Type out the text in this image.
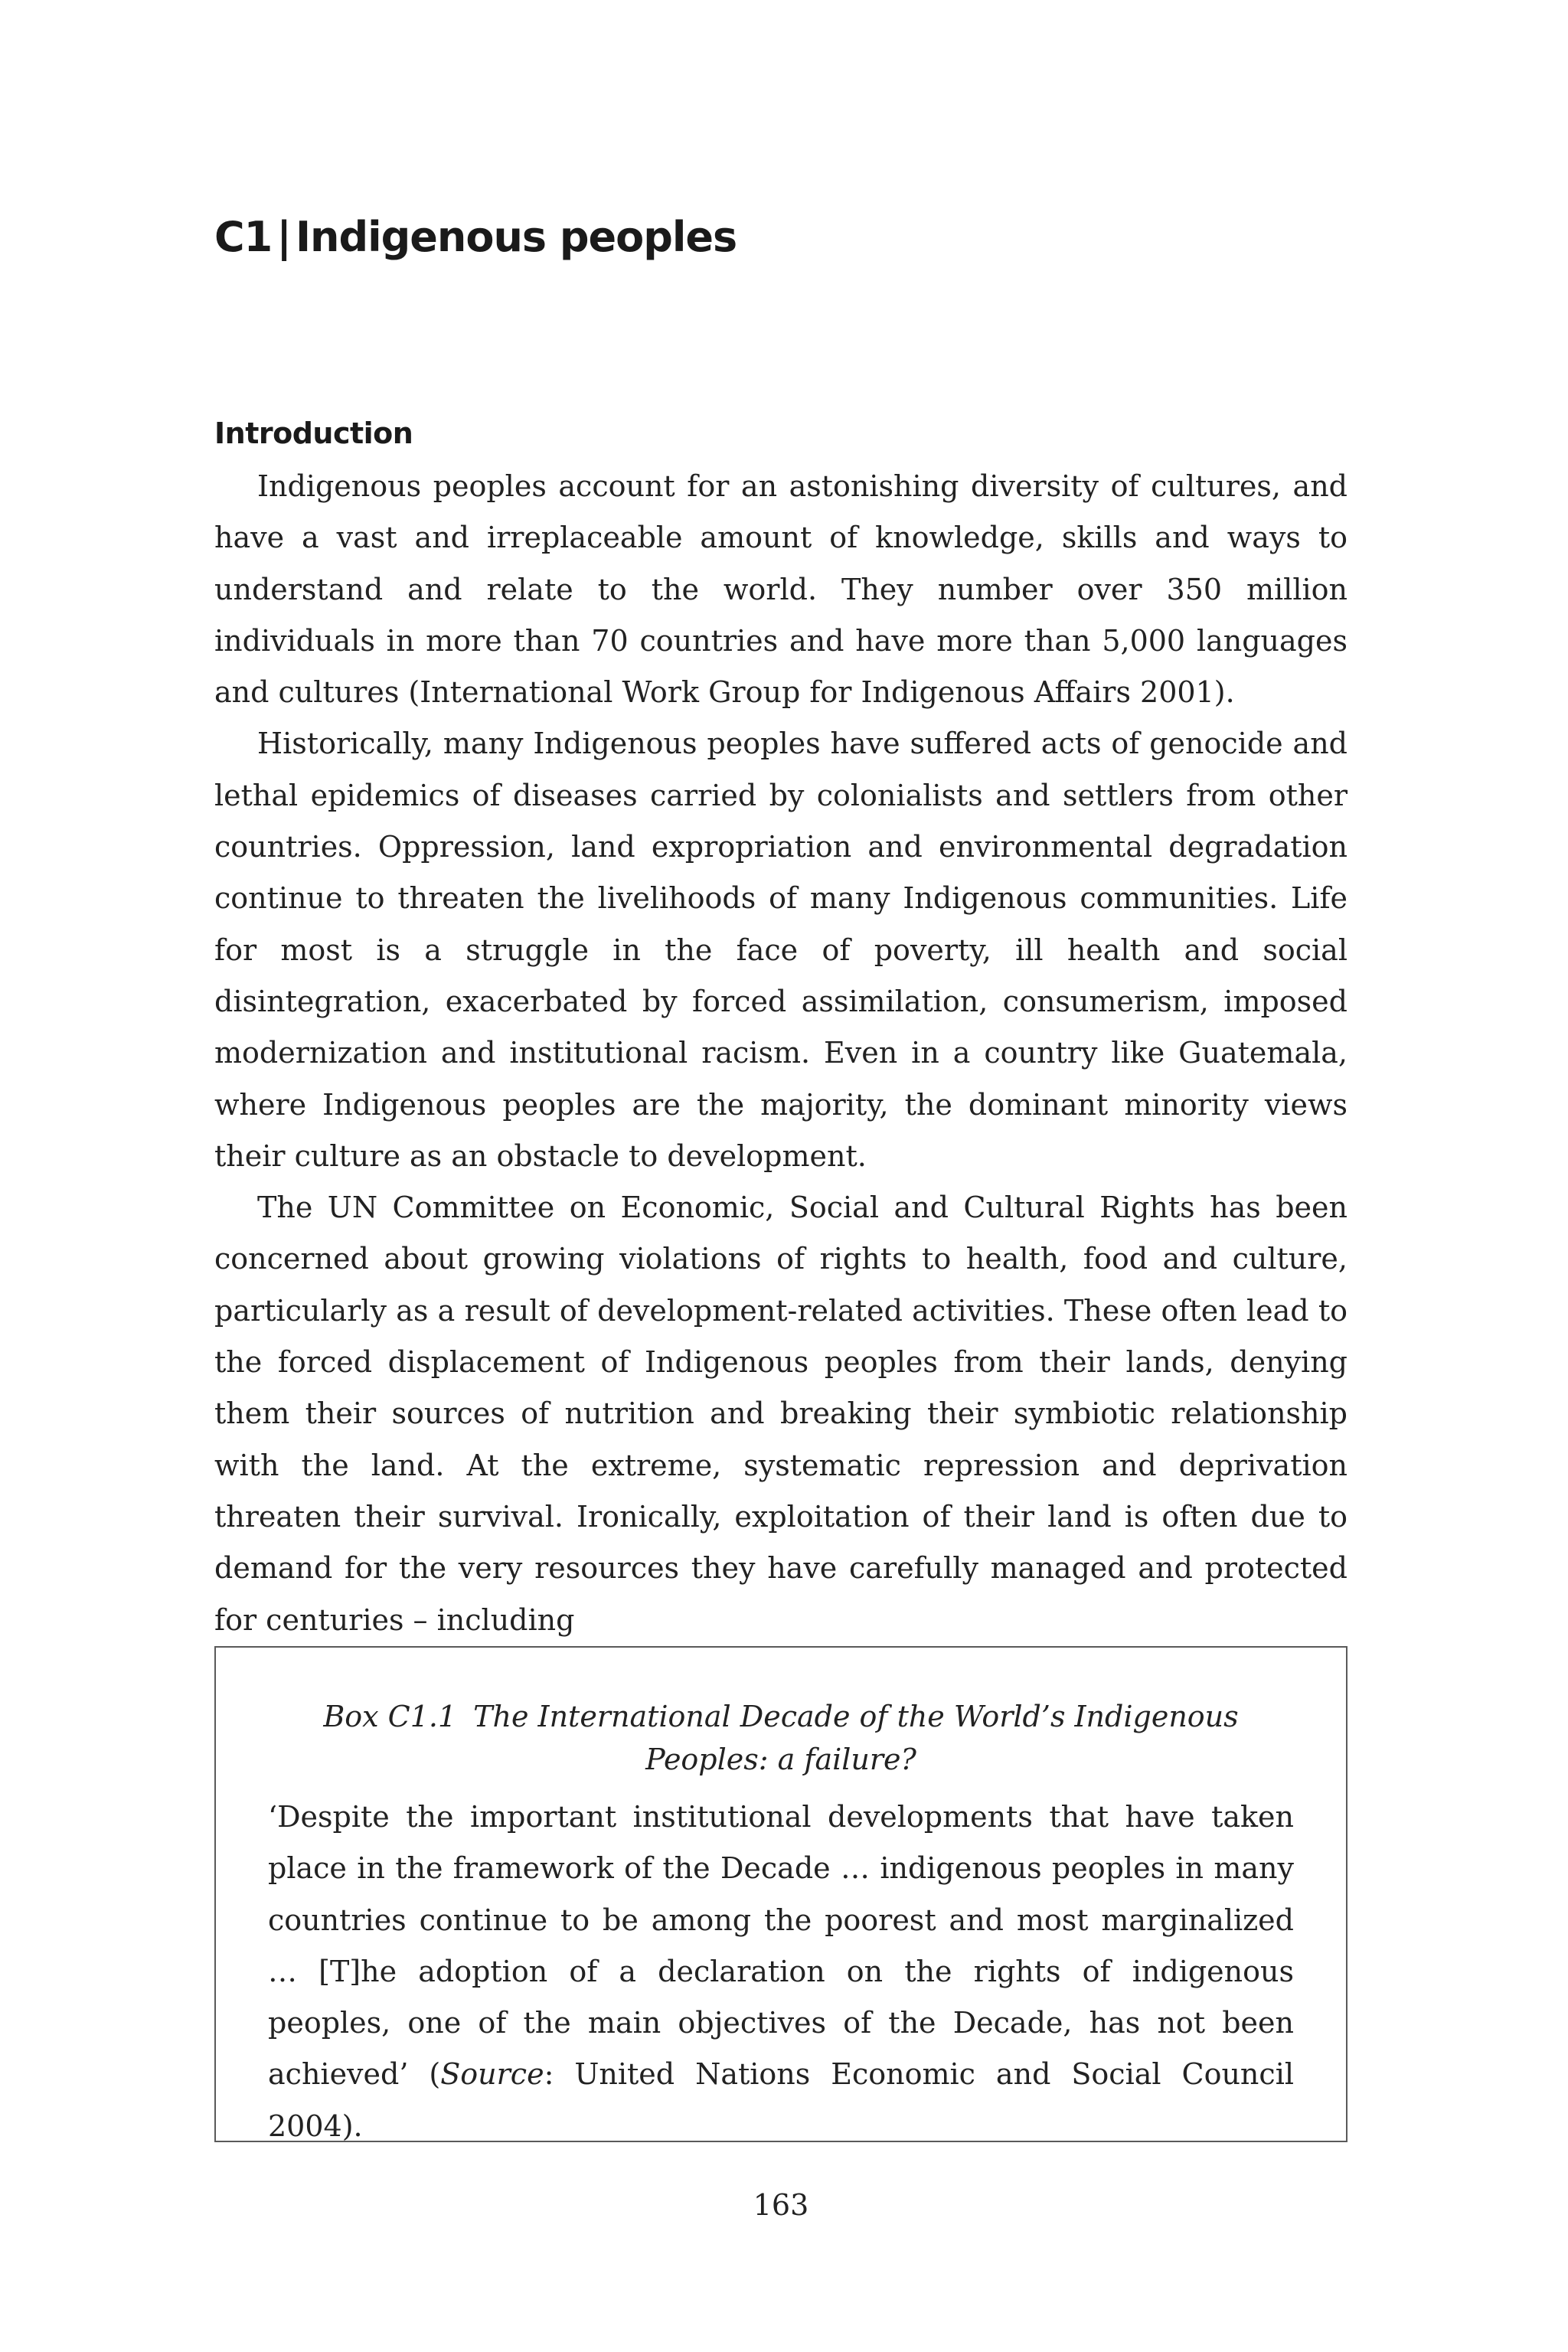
C1 | Indigenous peoples
Introduction

Indigenous peoples account for an astonishing diversity of cultures, and have a vast and irreplaceable amount of knowledge, skills and ways to understand and relate to the world. They number over 350 million individuals in more than 70 countries and have more than 5,000 languages and cultures (International Work Group for Indigenous Affairs 2001).

Historically, many Indigenous peoples have suffered acts of genocide and lethal epidemics of diseases carried by colonialists and settlers from other countries. Oppression, land expropriation and environmental degradation continue to threaten the livelihoods of many Indigenous communities. Life for most is a struggle in the face of poverty, ill health and social disintegration, exacerbated by forced assimilation, consumerism, imposed modernization and institutional racism. Even in a country like Guatemala, where Indigenous peoples are the majority, the dominant minority views their culture as an obstacle to development.

The UN Committee on Economic, Social and Cultural Rights has been concerned about growing violations of rights to health, food and culture, particularly as a result of development-related activities. These often lead to the forced displacement of Indigenous peoples from their lands, denying them their sources of nutrition and breaking their symbiotic relationship with the land. At the extreme, systematic repression and deprivation threaten their survival. Ironically, exploitation of their land is often due to demand for the very resources they have carefully managed and protected for centuries – including

Box C1.1 The International Decade of the World’s Indigenous Peoples: a failure?

‘Despite the important institutional developments that have taken place in the framework of the Decade … indigenous peoples in many countries continue to be among the poorest and most marginalized … [T]he adoption of a declaration on the rights of indigenous peoples, one of the main objectives of the Decade, has not been achieved’ (Source: United Nations Economic and Social Council 2004).

163
